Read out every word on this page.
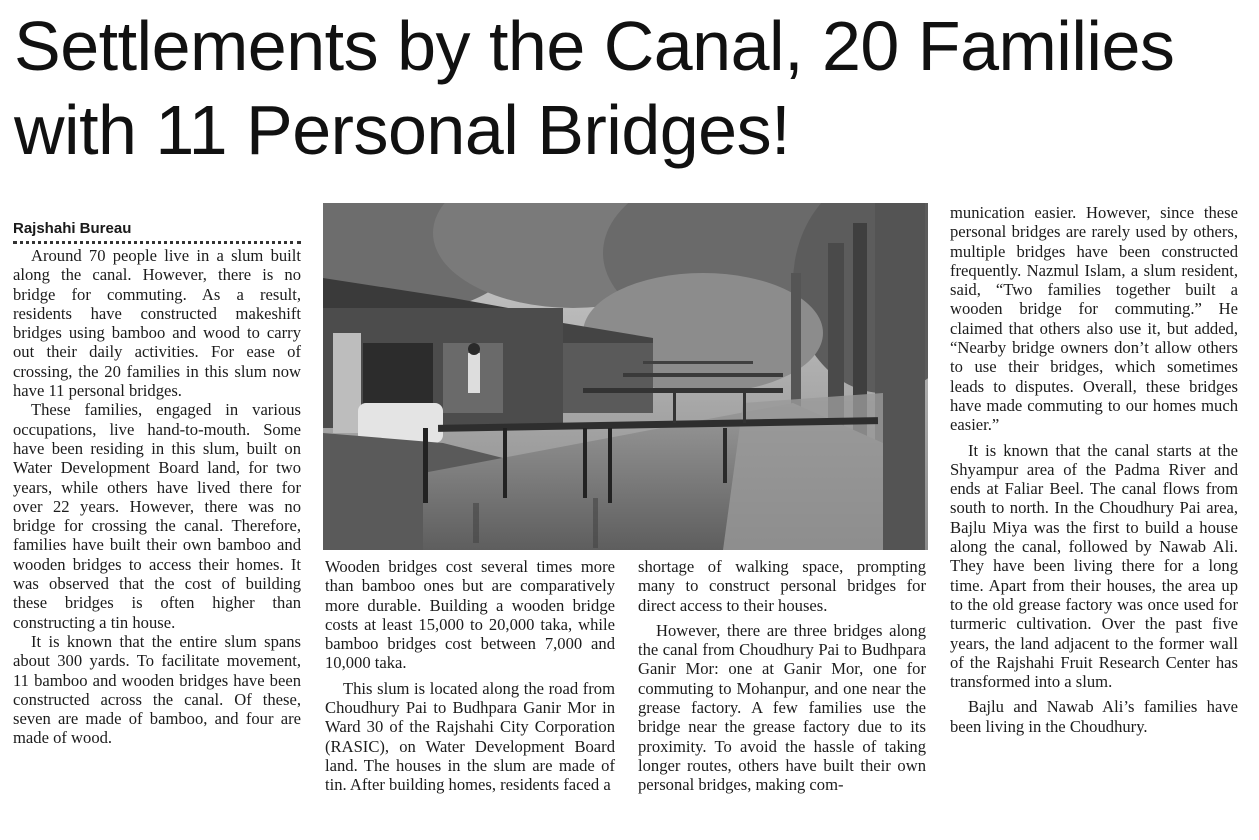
Settlements by the Canal, 20 Families with 11 Personal Bridges!
Rajshahi Bureau

Around 70 people live in a slum built along the canal. However, there is no bridge for commuting. As a result, residents have constructed makeshift bridges using bamboo and wood to carry out their daily activities. For ease of crossing, the 20 families in this slum now have 11 personal bridges.

These families, engaged in various occupations, live hand-to-mouth. Some have been residing in this slum, built on Water Development Board land, for two years, while others have lived there for over 22 years. However, there was no bridge for crossing the canal. Therefore, families have built their own bamboo and wooden bridges to access their homes. It was observed that the cost of building these bridges is often higher than constructing a tin house.

It is known that the entire slum spans about 300 yards. To facilitate movement, 11 bamboo and wooden bridges have been constructed across the canal. Of these, seven are made of bamboo, and four are made of wood.

Wooden bridges cost several times more than bamboo ones but are comparatively more durable. Building a wooden bridge costs at least 15,000 to 20,000 taka, while bamboo bridges cost between 7,000 and 10,000 taka.

This slum is located along the road from Choudhury Pai to Budhpara Ganir Mor in Ward 30 of the Rajshahi City Corporation (RASIC), on Water Development Board land. The houses in the slum are made of tin. After building homes, residents faced a

shortage of walking space, prompting many to construct personal bridges for direct access to their houses.

However, there are three bridges along the canal from Choudhury Pai to Budhpara Ganir Mor: one at Ganir Mor, one for commuting to Mohanpur, and one near the grease factory. A few families use the bridge near the grease factory due to its proximity. To avoid the hassle of taking longer routes, others have built their own personal bridges, making com-

munication easier. However, since these personal bridges are rarely used by others, multiple bridges have been constructed frequently. Nazmul Islam, a slum resident, said, “Two families together built a wooden bridge for commuting.” He claimed that others also use it, but added, “Nearby bridge owners don’t allow others to use their bridges, which sometimes leads to disputes. Overall, these bridges have made commuting to our homes much easier.”

It is known that the canal starts at the Shyampur area of the Padma River and ends at Faliar Beel. The canal flows from south to north. In the Choudhury Pai area, Bajlu Miya was the first to build a house along the canal, followed by Nawab Ali. They have been living there for a long time. Apart from their houses, the area up to the old grease factory was once used for turmeric cultivation. Over the past five years, the land adjacent to the former wall of the Rajshahi Fruit Research Center has transformed into a slum.

Bajlu and Nawab Ali’s families have been living in the Choudhury.
